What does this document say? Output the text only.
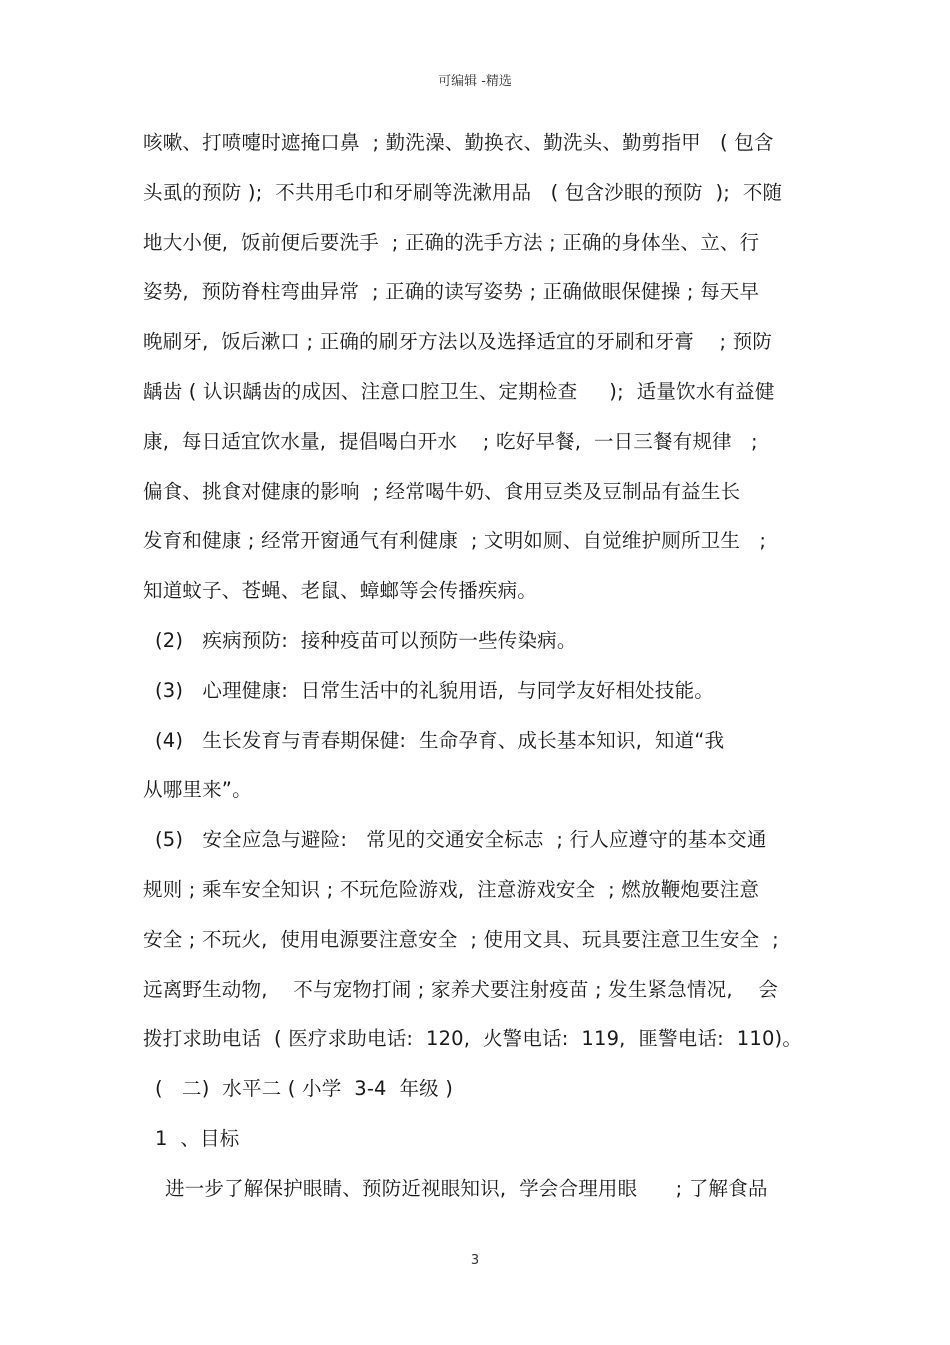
可编辑 -精选
咳嗽、打喷嚏时遮掩口鼻  ; 勤洗澡、勤换衣、勤洗头、勤剪指甲   ( 包含
头虱的预防 );  不共用毛巾和牙刷等洗漱用品   ( 包含沙眼的预防  );  不随
地大小便,  饭前便后要洗手  ; 正确的洗手方法 ; 正确的身体坐、立、行
姿势,  预防脊柱弯曲异常  ; 正确的读写姿势 ; 正确做眼保健操 ; 每天早
晚刷牙,  饭后漱口 ; 正确的刷牙方法以及选择适宜的牙刷和牙膏    ; 预防
龋齿 ( 认识龋齿的成因、注意口腔卫生、定期检查     );  适量饮水有益健
康,  每日适宜饮水量,  提倡喝白开水    ; 吃好早餐,  一日三餐有规律   ;
偏食、挑食对健康的影响  ; 经常喝牛奶、食用豆类及豆制品有益生长
发育和健康 ; 经常开窗通气有利健康  ; 文明如厕、自觉维护厕所卫生   ;
知道蚊子、苍蝇、老鼠、蟑螂等会传播疾病。
(2)   疾病预防:  接种疫苗可以预防一些传染病。
(3)   心理健康:  日常生活中的礼貌用语,  与同学友好相处技能。
(4)   生长发育与青春期保健:  生命孕育、成长基本知识,  知道“我
从哪里来”。
(5)   安全应急与避险:   常见的交通安全标志  ; 行人应遵守的基本交通
规则 ; 乘车安全知识 ; 不玩危险游戏,  注意游戏安全  ; 燃放鞭炮要注意
安全 ; 不玩火,  使用电源要注意安全  ; 使用文具、玩具要注意卫生安全  ;
远离野生动物,    不与宠物打闹 ; 家养犬要注射疫苗 ; 发生紧急情况,    会
拨打求助电话  ( 医疗求助电话:  120,  火警电话:  119,  匪警电话:  110)。
(   二)  水平二 ( 小学  3-4  年级 )
1  、目标
进一步了解保护眼睛、预防近视眼知识,  学会合理用眼      ; 了解食品
3
